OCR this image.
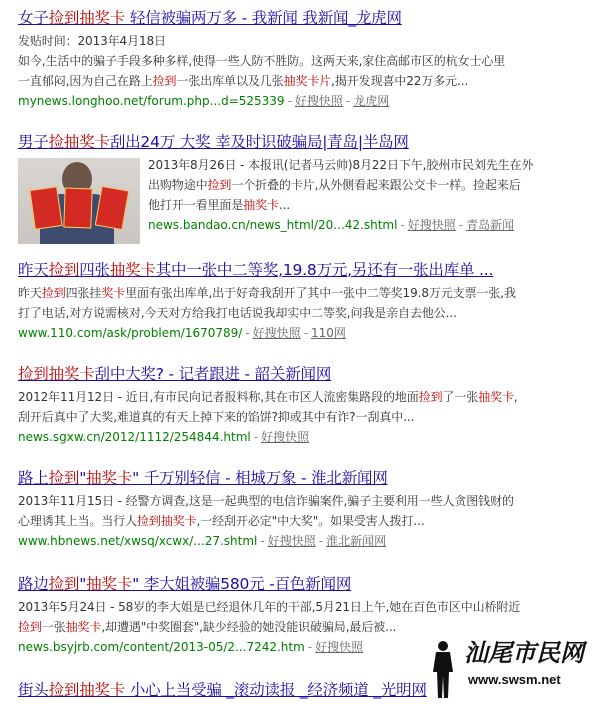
女子捡到抽奖卡 轻信被骗两万多 - 我新闻 我新闻_龙虎网
发贴时间：2013年4月18日
如今,生活中的骗子手段多种多样,使得一些人防不胜防。这两天来,家住高邮市区的杭女士心里
一直郁闷,因为自己在路上捡到一张出库单以及几张抽奖卡片,揭开发现喜中22万多元...
mynews.longhoo.net/forum.php...d=525339 - 好搜快照 - 龙虎网
男子捡抽奖卡刮出24万 大奖 幸及时识破骗局|青岛|半岛网
2013年8月26日 - 本报讯(记者马云帅)8月22日下午,胶州市民刘先生在外
出购物途中捡到一个折叠的卡片,从外侧看起来跟公交卡一样。捡起来后
他打开一看里面是抽奖卡...
news.bandao.cn/news_html/20...42.shtml - 好搜快照 - 青岛新闻
昨天捡到四张抽奖卡其中一张中二等奖,19.8万元,另还有一张出库单 ...
昨天捡到四张挂奖卡里面有张出库单,出于好奇我刮开了其中一张中二等奖19.8万元支票一张,我
打了电话,对方说需核对,今天对方给我打电话说我却实中二等奖,问我是亲自去他公...
www.110.com/ask/problem/1670789/ - 好搜快照 - 110网
捡到抽奖卡刮中大奖? - 记者跟进 - 韶关新闻网
2012年11月12日 - 近日,有市民向记者报料称,其在市区人流密集路段的地面捡到了一张抽奖卡,
刮开后真中了大奖,难道真的有天上掉下来的馅饼?抑或其中有诈?一刮真中...
news.sgxw.cn/2012/1112/254844.html - 好搜快照
路上捡到"抽奖卡" 千万别轻信 - 相城万象 - 淮北新闻网
2013年11月15日 - 经警方调查,这是一起典型的电信诈骗案件,骗子主要利用一些人贪图钱财的
心理诱其上当。当行人捡到抽奖卡,一经刮开必定"中大奖"。如果受害人拨打...
www.hbnews.net/xwsq/xcwx/...27.shtml - 好搜快照 - 淮北新闻网
路边捡到"抽奖卡" 李大姐被骗580元 -百色新闻网
2013年5月24日 - 58岁的李大姐是已经退休几年的干部,5月21日上午,她在百色市区中山桥附近
捡到一张抽奖卡,却遭遇"中奖圈套",缺少经验的她没能识破骗局,最后被...
news.bsyjrb.com/content/2013-05/2...7242.htm - 好搜快照
街头捡到抽奖卡 小心上当受骗 _滚动读报 _经济频道 _光明网
汕尾市民网
www.swsm.net
